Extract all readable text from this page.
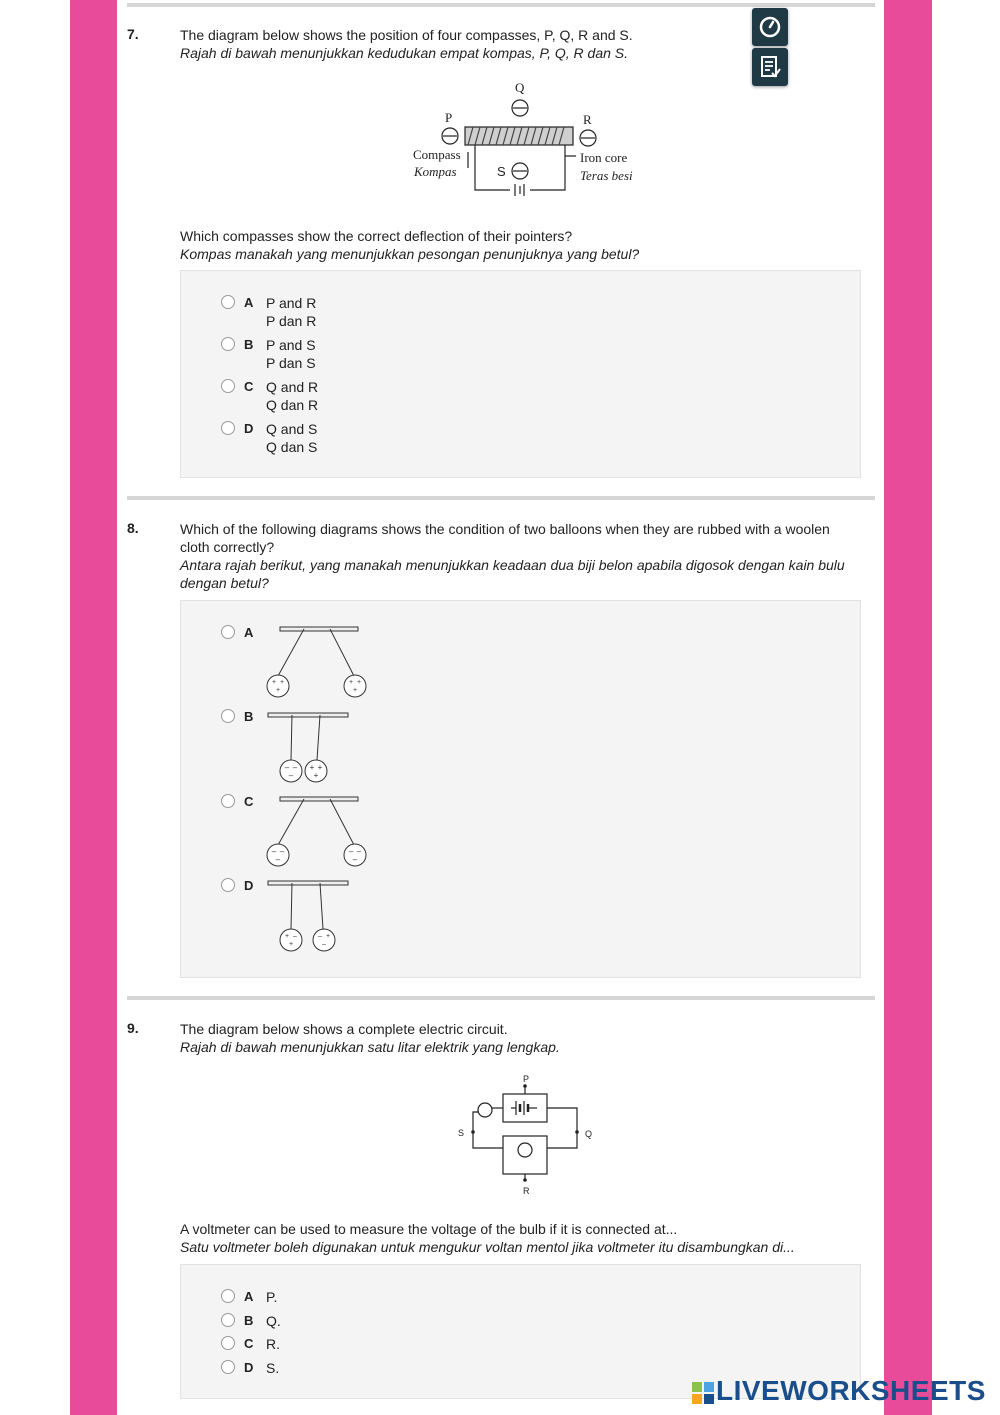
7.	The diagram below shows the position of four compasses, P, Q, R and S.
Rajah di bawah menunjukkan kedudukan empat kompas, P, Q, R dan S.
Q
P	R
Compass
Kompas
Iron core
Teras besi
S
Which compasses show the correct deflection of their pointers?
Kompas manakah yang menunjukkan pesongan penunjuknya yang betul?
A P and R
P dan R
B P and S
P dan S
C Q and R
Q dan R
D Q and S
Q dan S
8.	Which of the following diagrams shows the condition of two balloons when they are rubbed with a woolen cloth correctly?
Antara rajah berikut, yang manakah menunjukkan keadaan dua biji belon apabila digosok dengan kain bulu dengan betul?
A
+ +
+
+ +
+
B
– –
–
+ +
+
C
– –
–
– –
–
D
+ –
+
– +
–
9.	The diagram below shows a complete electric circuit.
Rajah di bawah menunjukkan satu litar elektrik yang lengkap.
P
Q
R
S
A voltmeter can be used to measure the voltage of the bulb if it is connected at...
Satu voltmeter boleh digunakan untuk mengukur voltan mentol jika voltmeter itu disambungkan di...
A P.
B Q.
C R.
D S.
LIVEWORKSHEETS
